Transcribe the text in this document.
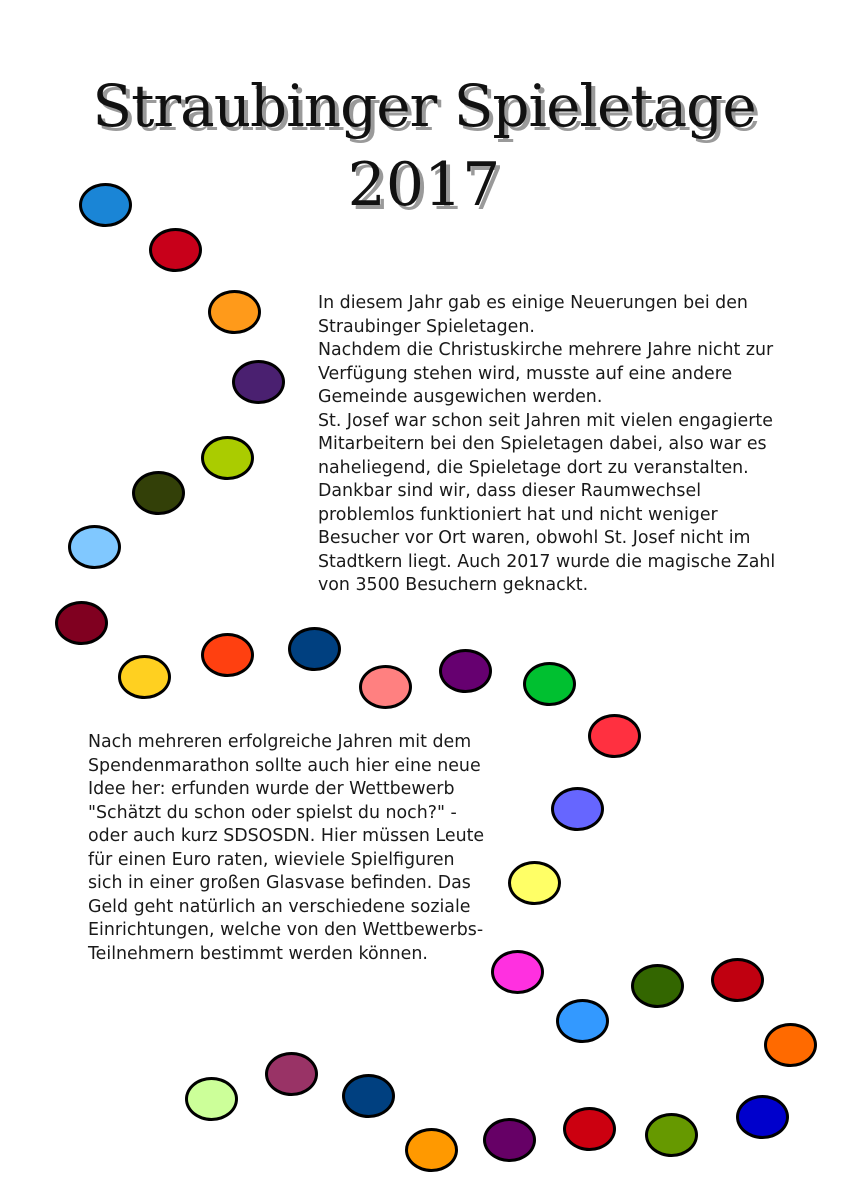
Straubinger Spieletage
2017

In diesem Jahr gab es einige Neuerungen bei den Straubinger Spieletagen.

Nachdem die Christuskirche mehrere Jahre nicht zur Verfügung stehen wird, musste auf eine andere Gemeinde ausgewichen werden.

St. Josef war schon seit Jahren mit vielen engagierte Mitarbeitern bei den Spieletagen dabei, also war es naheliegend, die Spieletage dort zu veranstalten.

Dankbar sind wir, dass dieser Raumwechsel problemlos funktioniert hat und nicht weniger Besucher vor Ort waren, obwohl St. Josef nicht im Stadtkern liegt. Auch 2017 wurde die magische Zahl von 3500 Besuchern geknackt.

Nach mehreren erfolgreiche Jahren mit dem Spendenmarathon sollte auch hier eine neue Idee her: erfunden wurde der Wettbewerb "Schätzt du schon oder spielst du noch?" - oder auch kurz SDSOSDN. Hier müssen Leute für einen Euro raten, wieviele Spielfiguren sich in einer großen Glasvase befinden. Das Geld geht natürlich an verschiedene soziale Einrichtungen, welche von den Wettbewerbs-Teilnehmern bestimmt werden können.
